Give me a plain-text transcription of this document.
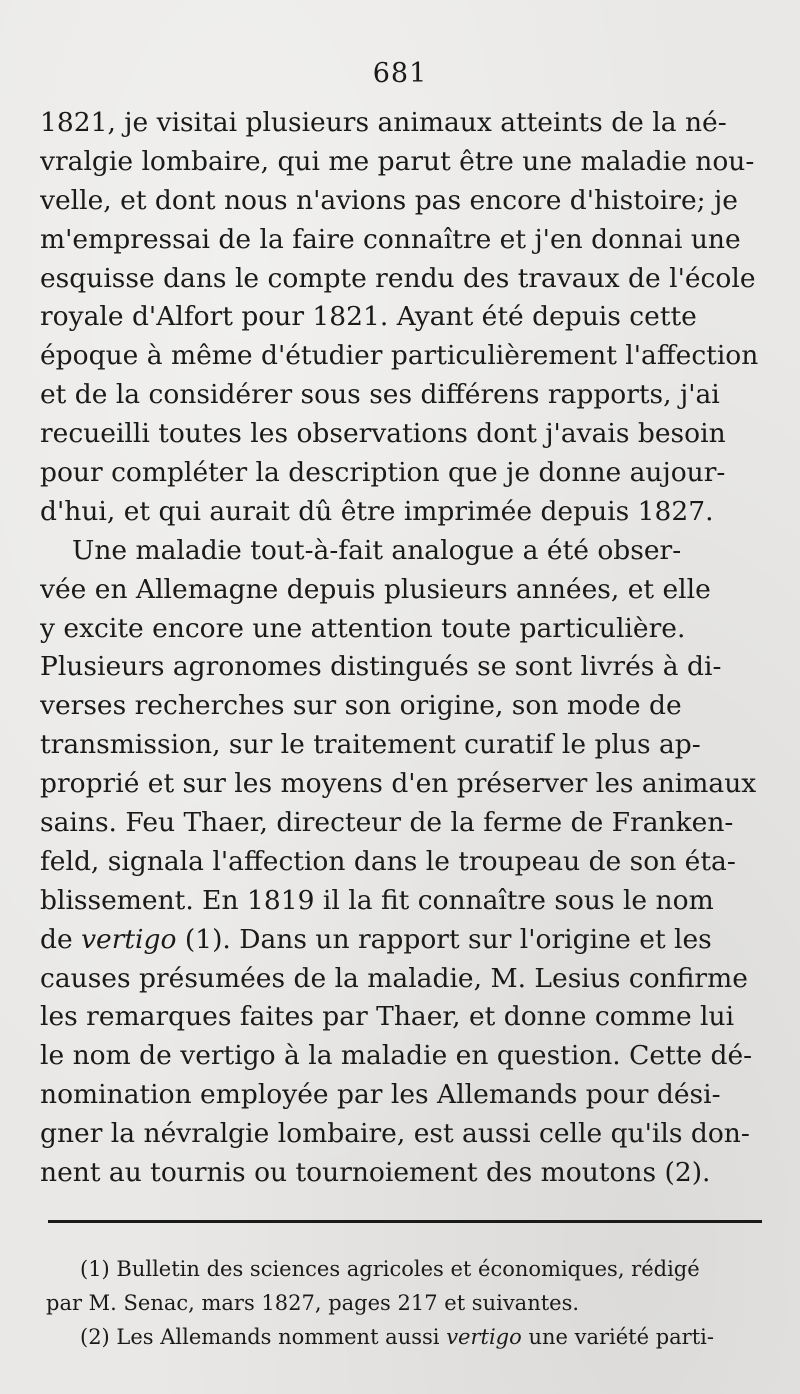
681
1821, je visitai plusieurs animaux atteints de la né-
vralgie lombaire, qui me parut être une maladie nou-
velle, et dont nous n'avions pas encore d'histoire; je
m'empressai de la faire connaître et j'en donnai une
esquisse dans le compte rendu des travaux de l'école
royale d'Alfort pour 1821. Ayant été depuis cette
époque à même d'étudier particulièrement l'affection
et de la considérer sous ses différens rapports, j'ai
recueilli toutes les observations dont j'avais besoin
pour compléter la description que je donne aujour-
d'hui, et qui aurait dû être imprimée depuis 1827.
Une maladie tout-à-fait analogue a été obser-
vée en Allemagne depuis plusieurs années, et elle
y excite encore une attention toute particulière.
Plusieurs agronomes distingués se sont livrés à di-
verses recherches sur son origine, son mode de
transmission, sur le traitement curatif le plus ap-
proprié et sur les moyens d'en préserver les animaux
sains. Feu Thaer, directeur de la ferme de Franken-
feld, signala l'affection dans le troupeau de son éta-
blissement. En 1819 il la fit connaître sous le nom
de vertigo (1). Dans un rapport sur l'origine et les
causes présumées de la maladie, M. Lesius confirme
les remarques faites par Thaer, et donne comme lui
le nom de vertigo à la maladie en question. Cette dé-
nomination employée par les Allemands pour dési-
gner la névralgie lombaire, est aussi celle qu'ils don-
nent au tournis ou tournoiement des moutons (2).
(1) Bulletin des sciences agricoles et économiques, rédigé
par M. Senac, mars 1827, pages 217 et suivantes.
(2) Les Allemands nomment aussi vertigo une variété parti-
